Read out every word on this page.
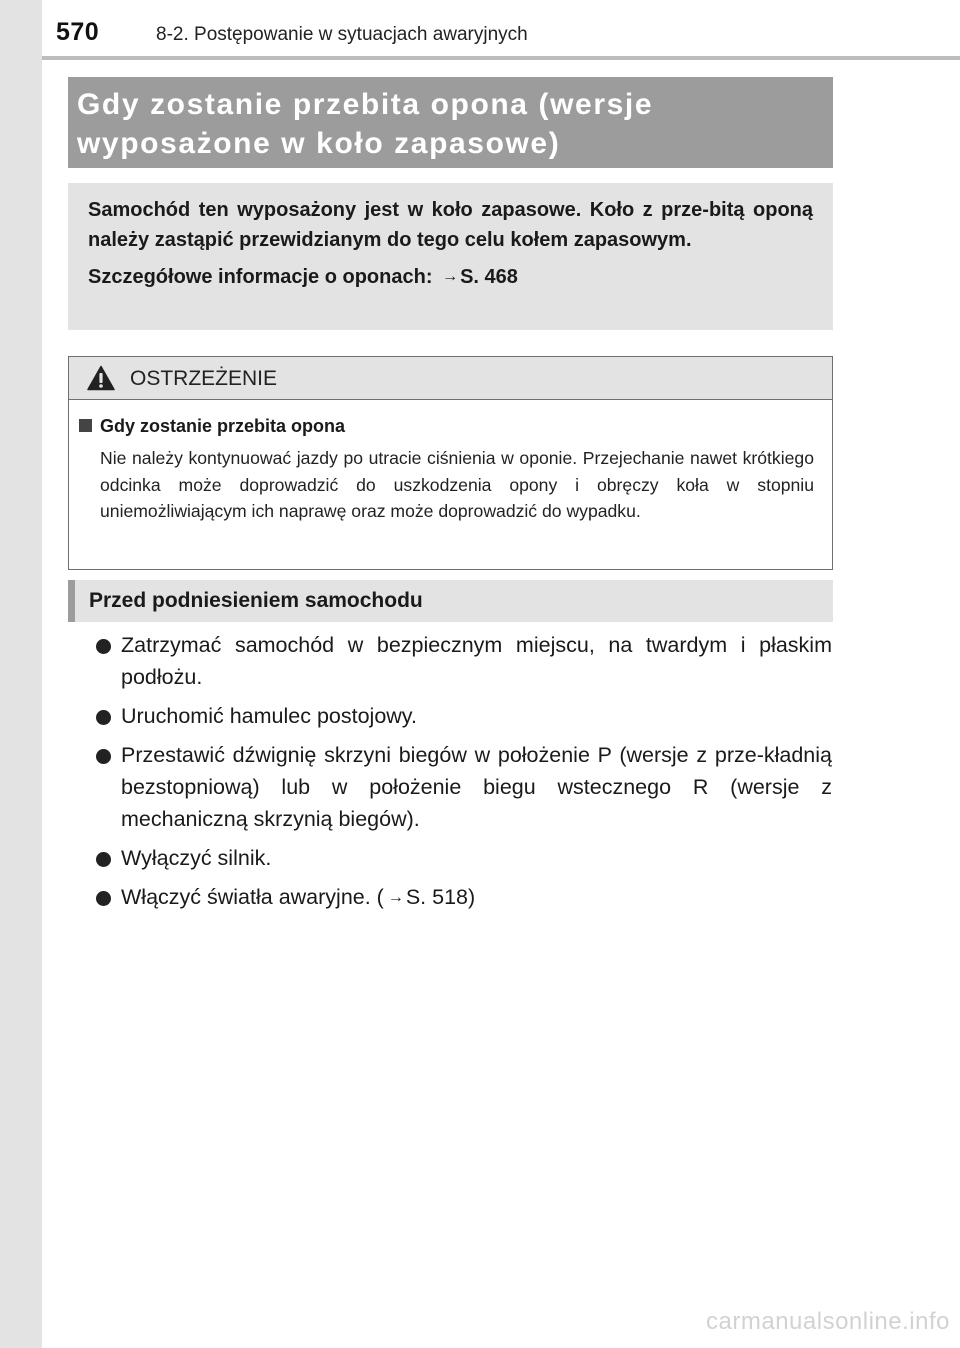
570	8-2. Postępowanie w sytuacjach awaryjnych

Gdy zostanie przebita opona (wersje
wyposażone w koło zapasowe)

Samochód ten wyposażony jest w koło zapasowe. Koło z prze-bitą oponą należy zastąpić przewidzianym do tego celu kołem zapasowym.

Szczegółowe informacje o oponach: → S. 468

OSTRZEŻENIE
Gdy zostanie przebita opona

Nie należy kontynuować jazdy po utracie ciśnienia w oponie. Przejechanie nawet krótkiego odcinka może doprowadzić do uszkodzenia opony i obręczy koła w stopniu uniemożliwiającym ich naprawę oraz może doprowadzić do wypadku.

Przed podniesieniem samochodu
Zatrzymać samochód w bezpiecznym miejscu, na twardym i płaskim podłożu.
Uruchomić hamulec postojowy.
Przestawić dźwignię skrzyni biegów w położenie P (wersje z prze-kładnią bezstopniową) lub w położenie biegu wstecznego R (wersje z mechaniczną skrzynią biegów).
Wyłączyć silnik.
Włączyć światła awaryjne. ( →S. 518)
carmanualsonline.info
